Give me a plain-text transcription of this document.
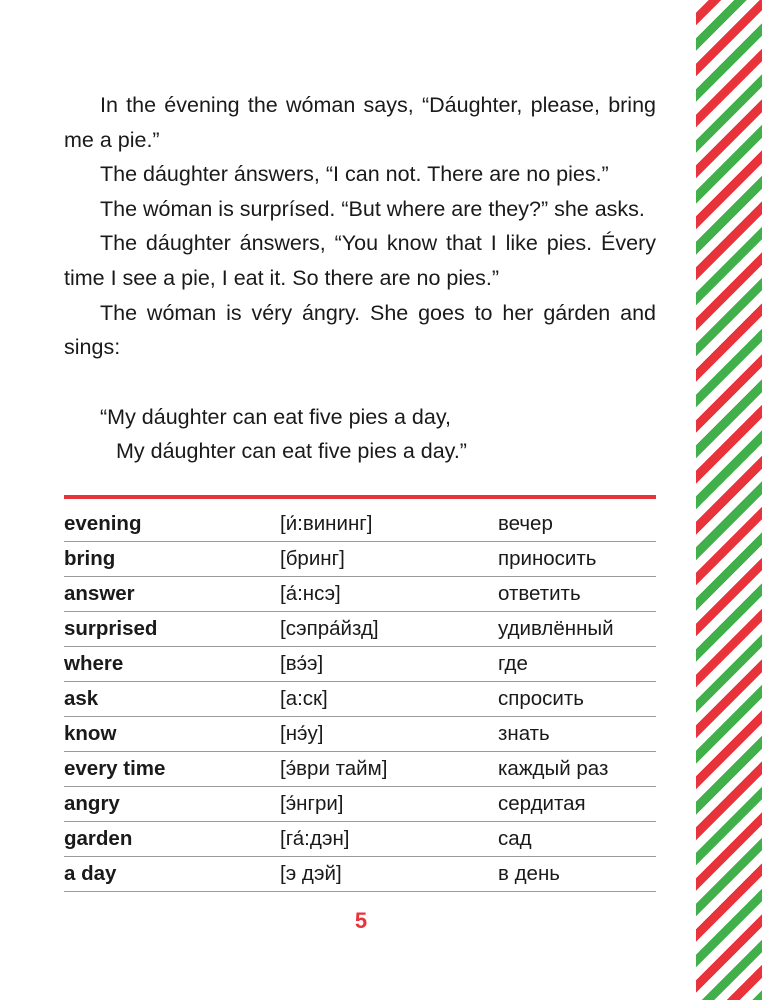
In the évening the wóman says, “Dáughter, please, bring me a pie.”

The dáughter ánswers, “I can not. There are no pies.”

The wóman is surprísed. “But where are they?” she asks.

The dáughter ánswers, “You know that I like pies. Évery time I see a pie, I eat it. So there are no pies.”

The wóman is véry ángry. She goes to her gárden and sings:

“My dáughter can eat five pies a day,
My dáughter can eat five pies a day.”
evening	[и́:вининг]	вечер
bring	[бринг]	приносить
answer	[а́:нсэ]	ответить
surprised	[сэпра́йзд]	удивлённый
where	[вэ́э]	где
ask	[а:ск]	спросить
know	[нэ́у]	знать
every time	[э́ври тайм]	каждый раз
angry	[э́нгри]	сердитая
garden	[га́:дэн]	сад
a day	[э дэй]	в день
5
